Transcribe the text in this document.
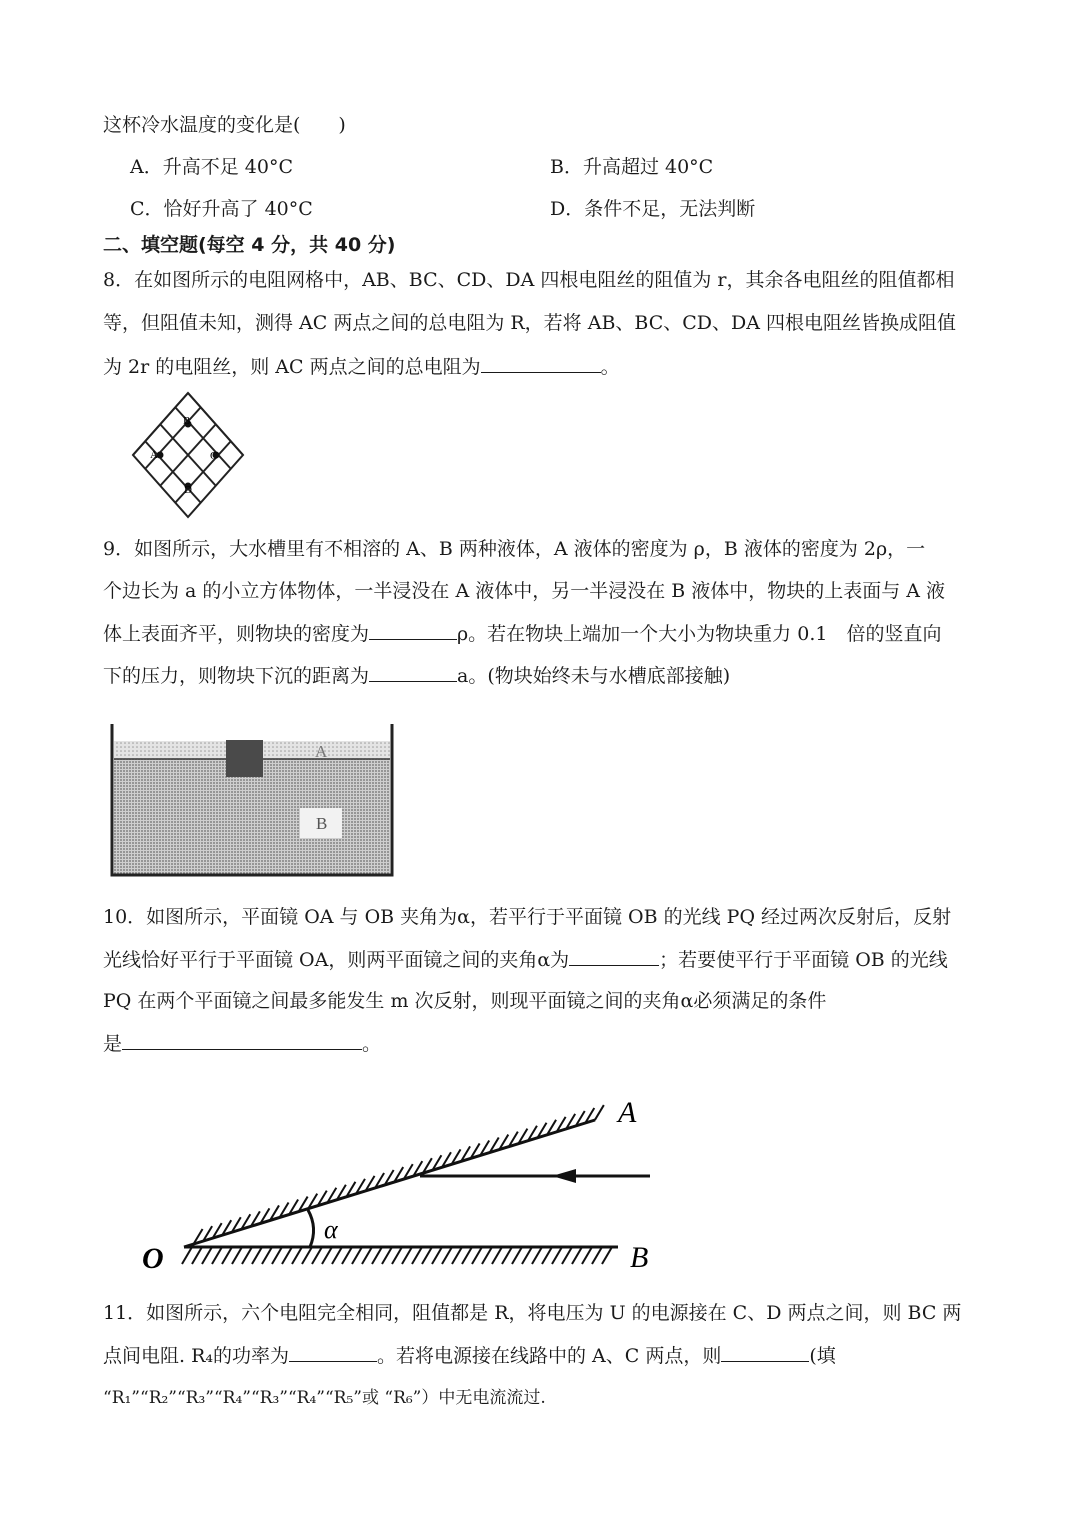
这杯冷水温度的变化是(　　)
A．升高不足 40°C	B．升高超过 40°C
C．恰好升高了 40°C	D．条件不足，无法判断
二、填空题(每空 4 分，共 40 分)
8．在如图所示的电阻网格中，AB、BC、CD、DA 四根电阻丝的阻值为 r，其余各电阻丝的阻值都相
等，但阻值未知，测得 AC 两点之间的总电阻为 R，若将 AB、BC、CD、DA 四根电阻丝皆换成阻值
为 2r 的电阻丝，则 AC 两点之间的总电阻为	。
B
A	C
D
9．如图所示，大水槽里有不相溶的 A、B 两种液体，A 液体的密度为 ρ，B 液体的密度为 2ρ，一
个边长为 a 的小立方体物体，一半浸没在 A 液体中，另一半浸没在 B 液体中，物块的上表面与 A 液
体上表面齐平，则物块的密度为	ρ。若在物块上端加一个大小为物块重力 0.1　倍的竖直向
下的压力，则物块下沉的距离为	a。(物块始终未与水槽底部接触)
A
B
10．如图所示，平面镜 OA 与 OB 夹角为α，若平行于平面镜 OB 的光线 PQ 经过两次反射后，反射
光线恰好平行于平面镜 OA，则两平面镜之间的夹角α为	；若要使平行于平面镜 OB 的光线
PQ 在两个平面镜之间最多能发生 m 次反射，则现平面镜之间的夹角α必须满足的条件
是	。
O
A
B
α
11．如图所示，六个电阻完全相同，阻值都是 R，将电压为 U 的电源接在 C、D 两点之间，则 BC 两
点间电阻. R₄的功率为	。若将电源接在线路中的 A、C 两点，则	(填
“R₁”“R₂”“R₃”“R₄”“R₃”“R₄”“R₅”或 “R₆”）中无电流流过.
